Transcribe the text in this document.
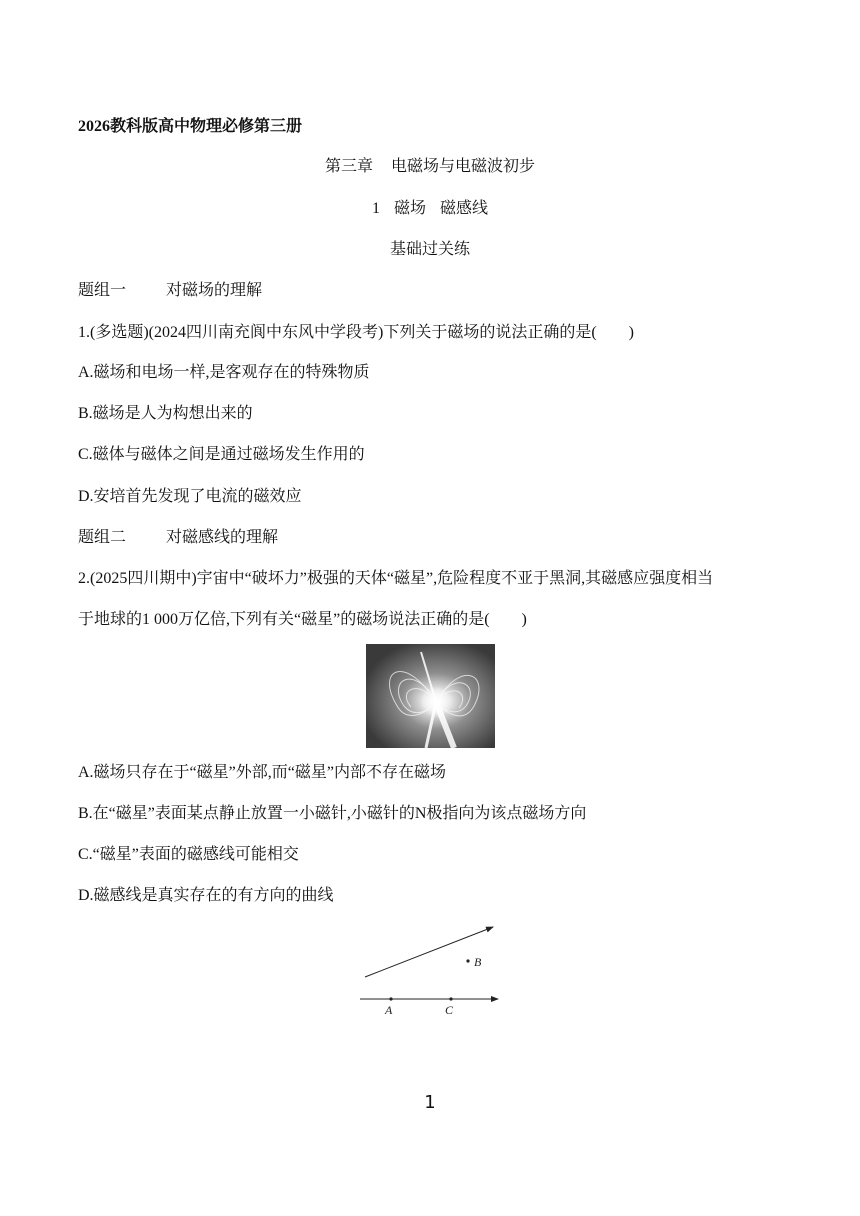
2026教科版高中物理必修第三册
第三章 电磁场与电磁波初步
1 磁场 磁感线
基础过关练
题组一	对磁场的理解
1.(多选题)(2024四川南充阆中东风中学段考)下列关于磁场的说法正确的是(　　)
A.磁场和电场一样,是客观存在的特殊物质
B.磁场是人为构想出来的
C.磁体与磁体之间是通过磁场发生作用的
D.安培首先发现了电流的磁效应
题组二	对磁感线的理解
2.(2025四川期中)宇宙中“破坏力”极强的天体“磁星”,危险程度不亚于黑洞,其磁感应强度相当
于地球的1 000万亿倍,下列有关“磁星”的磁场说法正确的是(　　)
A.磁场只存在于“磁星”外部,而“磁星”内部不存在磁场
B.在“磁星”表面某点静止放置一小磁针,小磁针的N极指向为该点磁场方向
C.“磁星”表面的磁感线可能相交
D.磁感线是真实存在的有方向的曲线
B
A	C
1
